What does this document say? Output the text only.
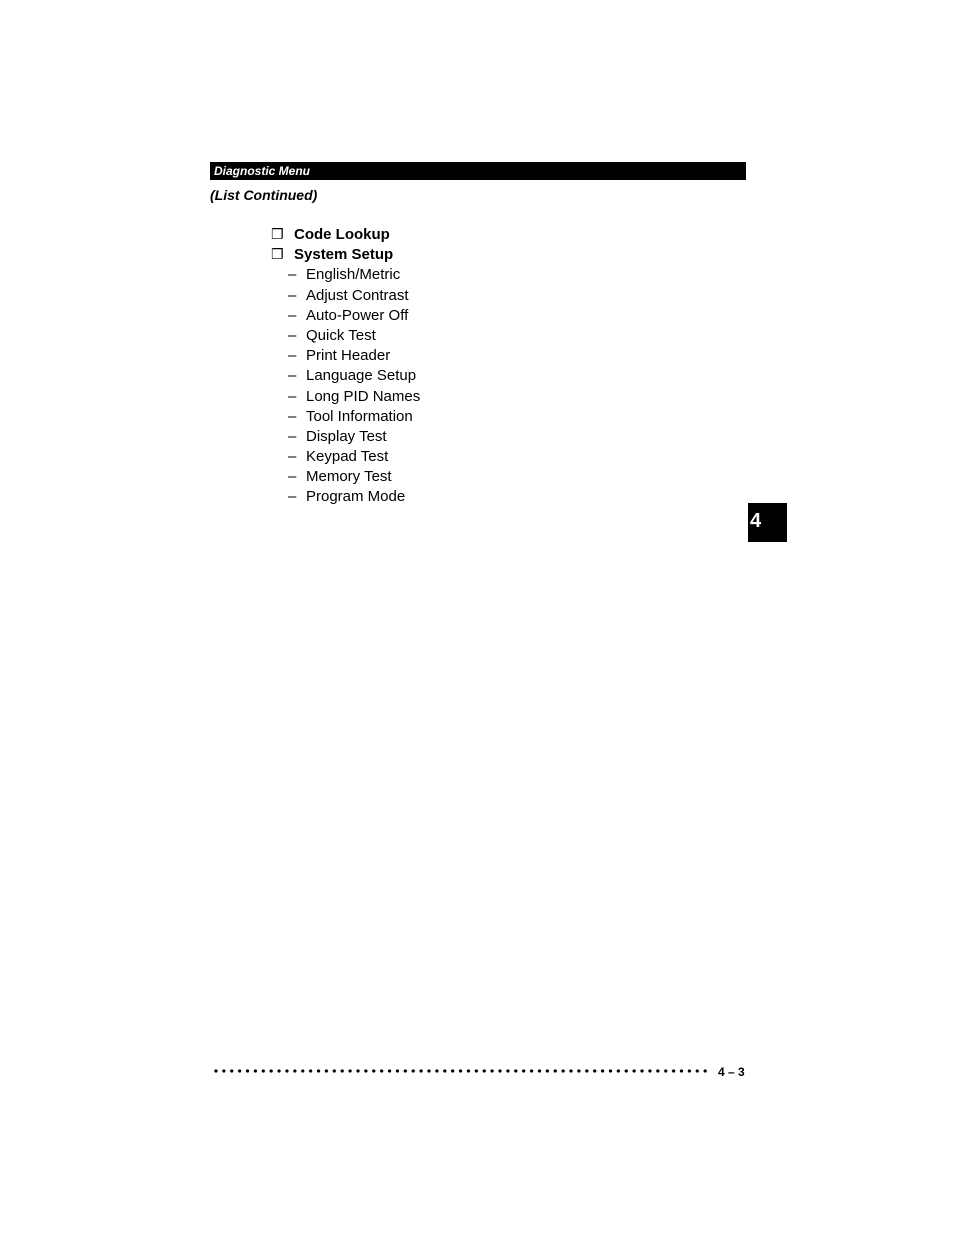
Diagnostic Menu
(List Continued)
❒ Code Lookup
❒ System Setup
– English/Metric
– Adjust Contrast
– Auto-Power Off
– Quick Test
– Print Header
– Language Setup
– Long PID Names
– Tool Information
– Display Test
– Keypad Test
– Memory Test
– Program Mode
4
4 – 3
